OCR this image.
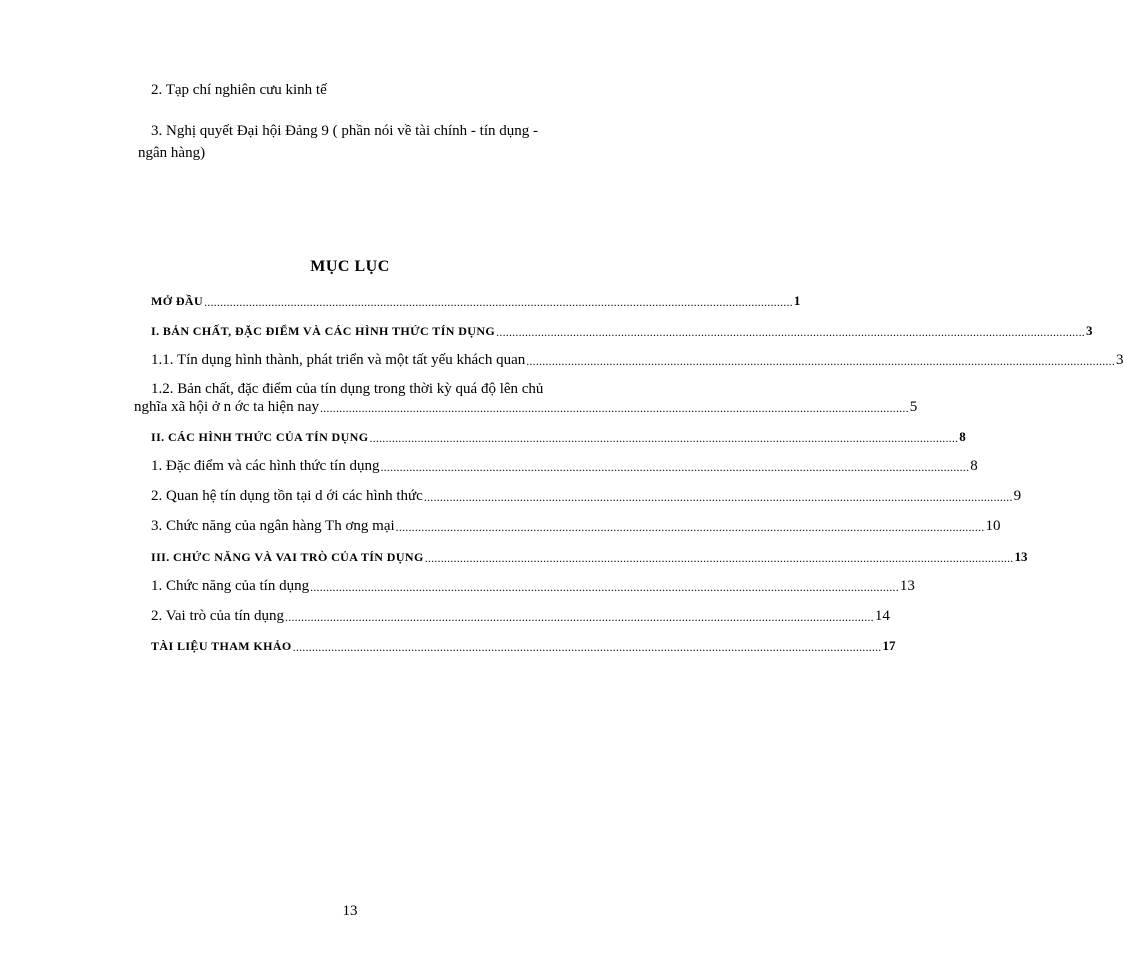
2. Tạp chí nghiên cưu kinh tế
3. Nghị quyết Đại hội Đảng 9 ( phần nói về tài chính - tín dụng -
ngân hàng)
MỤC LỤC
MỞ ĐẦU ........................................................................................................................................................................................ 1
I. BẢN CHẤT, ĐẶC ĐIỂM VÀ CÁC HÌNH THỨC TÍN DỤNG ........................................................................................................................................................................................ 3
1.1. Tín dụng hình thành, phát triển và một tất yếu khách quan ........................................................................................................................................................................................ 3
1.2. Bản chất, đặc điểm của tín dụng trong thời kỳ quá độ lên chủ
nghĩa xã hội ở n ớc ta hiện nay ........................................................................................................................................................................................ 5
II. CÁC HÌNH THỨC CỦA TÍN DỤNG ........................................................................................................................................................................................ 8
1. Đặc điểm và các hình thức tín dụng ........................................................................................................................................................................................ 8
2. Quan hệ tín dụng tồn tại d ới các hình thức ........................................................................................................................................................................................ 9
3. Chức năng của ngân hàng Th ơng mại ........................................................................................................................................................................................ 10
III. CHỨC NĂNG VÀ VAI TRÒ CỦA TÍN DỤNG ........................................................................................................................................................................................ 13
1. Chức năng của tín dụng ........................................................................................................................................................................................ 13
2. Vai trò của tín dụng ........................................................................................................................................................................................ 14
TÀI LIỆU THAM KHẢO ........................................................................................................................................................................................ 17
13
